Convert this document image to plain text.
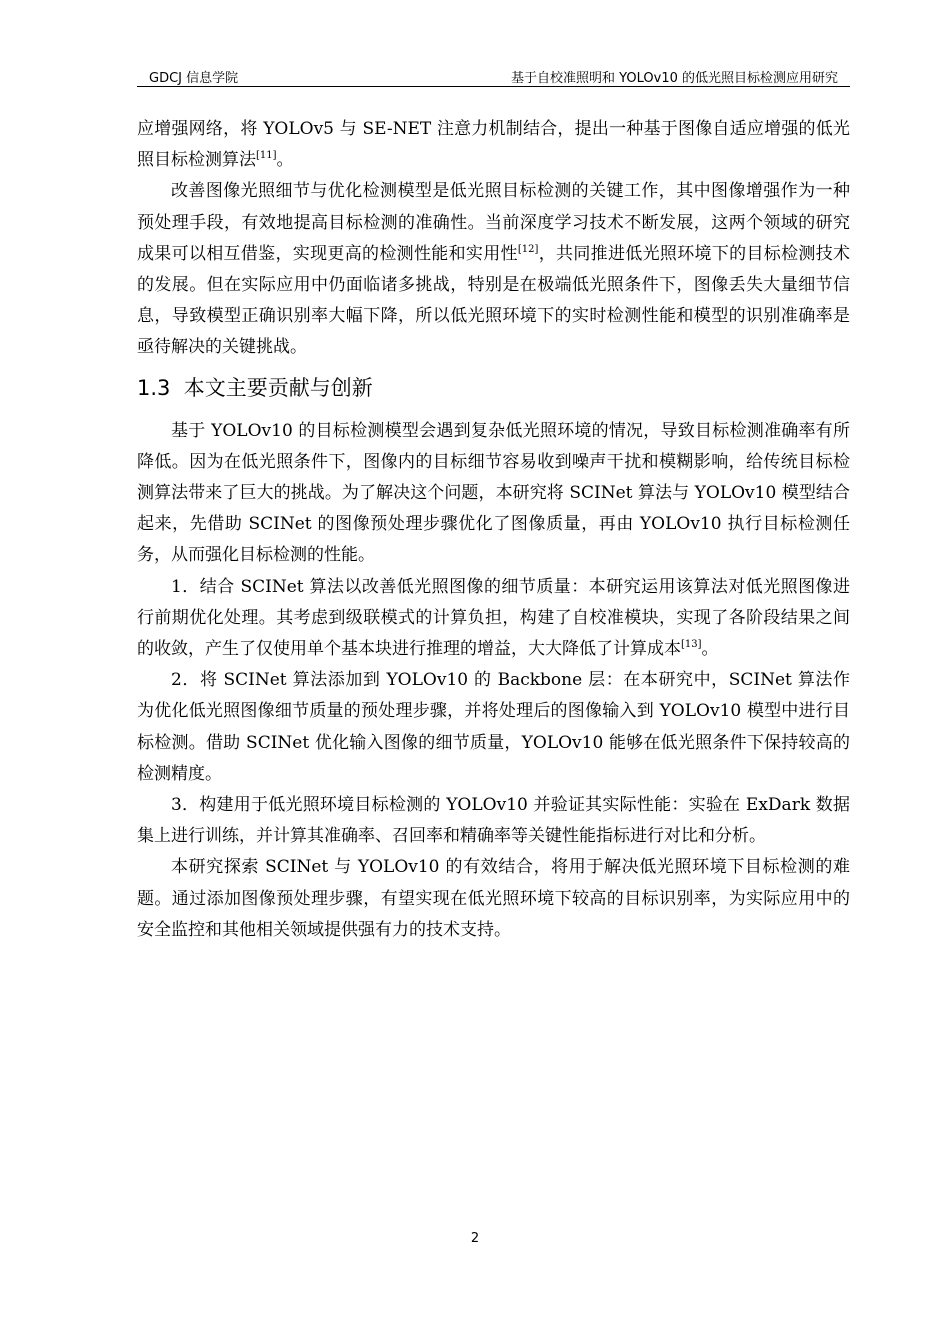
GDCJ 信息学院	基于自校准照明和 YOLOv10 的低光照目标检测应用研究

应增强网络，将 YOLOv5 与 SE-NET 注意力机制结合，提出一种基于图像自适应增强的低光照目标检测算法[11]。

改善图像光照细节与优化检测模型是低光照目标检测的关键工作，其中图像增强作为一种预处理手段，有效地提高目标检测的准确性。当前深度学习技术不断发展，这两个领域的研究成果可以相互借鉴，实现更高的检测性能和实用性[12]，共同推进低光照环境下的目标检测技术的发展。但在实际应用中仍面临诸多挑战，特别是在极端低光照条件下，图像丢失大量细节信息，导致模型正确识别率大幅下降，所以低光照环境下的实时检测性能和模型的识别准确率是亟待解决的关键挑战。

1.3 本文主要贡献与创新

基于 YOLOv10 的目标检测模型会遇到复杂低光照环境的情况，导致目标检测准确率有所降低。因为在低光照条件下，图像内的目标细节容易收到噪声干扰和模糊影响，给传统目标检测算法带来了巨大的挑战。为了解决这个问题，本研究将 SCINet 算法与 YOLOv10 模型结合起来，先借助 SCINet 的图像预处理步骤优化了图像质量，再由 YOLOv10 执行目标检测任务，从而强化目标检测的性能。

1．结合 SCINet 算法以改善低光照图像的细节质量：本研究运用该算法对低光照图像进行前期优化处理。其考虑到级联模式的计算负担，构建了自校准模块，实现了各阶段结果之间的收敛，产生了仅使用单个基本块进行推理的增益，大大降低了计算成本[13]。

2．将 SCINet 算法添加到 YOLOv10 的 Backbone 层：在本研究中，SCINet 算法作为优化低光照图像细节质量的预处理步骤，并将处理后的图像输入到 YOLOv10 模型中进行目标检测。借助 SCINet 优化输入图像的细节质量，YOLOv10 能够在低光照条件下保持较高的检测精度。

3．构建用于低光照环境目标检测的 YOLOv10 并验证其实际性能：实验在 ExDark 数据集上进行训练，并计算其准确率、召回率和精确率等关键性能指标进行对比和分析。

本研究探索 SCINet 与 YOLOv10 的有效结合，将用于解决低光照环境下目标检测的难题。通过添加图像预处理步骤，有望实现在低光照环境下较高的目标识别率，为实际应用中的安全监控和其他相关领域提供强有力的技术支持。

2
